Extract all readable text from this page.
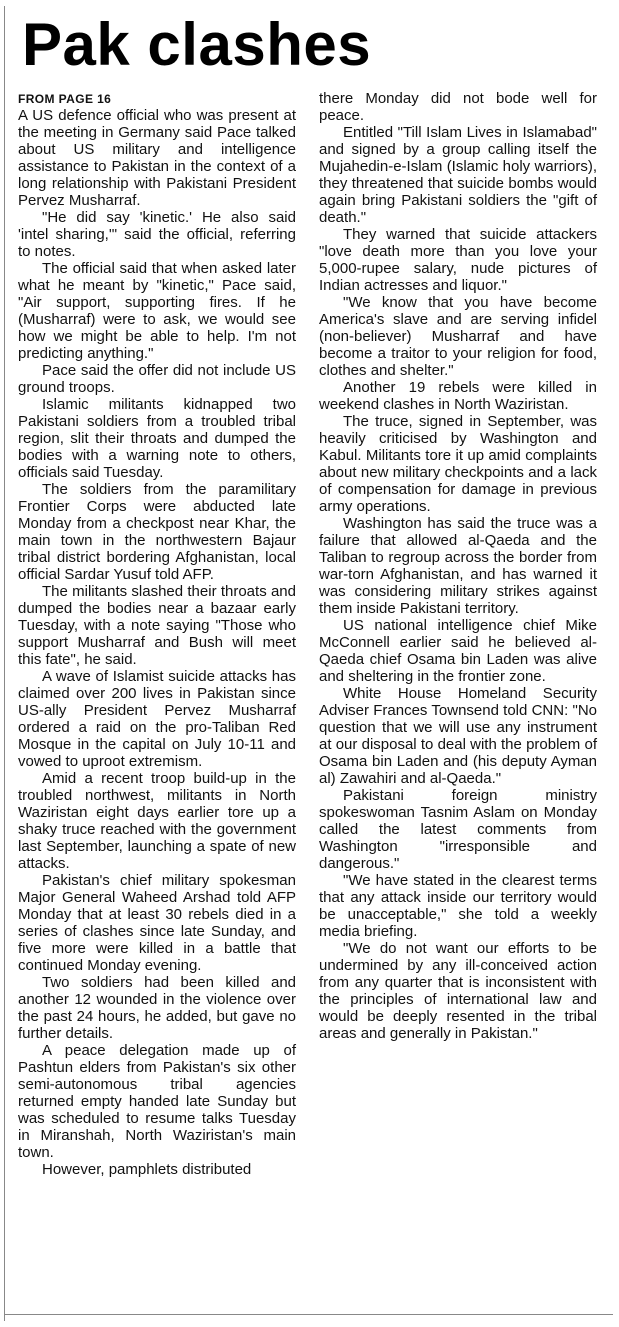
Pak clashes
FROM PAGE 16

A US defence official who was present at the meeting in Germany said Pace talked about US military and intelligence assistance to Pakistan in the context of a long relationship with Pakistani President Pervez Musharraf.

"He did say 'kinetic.' He also said 'intel sharing,'" said the official, referring to notes.

The official said that when asked later what he meant by "kinetic," Pace said, "Air support, supporting fires. If he (Musharraf) were to ask, we would see how we might be able to help. I'm not predicting anything."

Pace said the offer did not include US ground troops.

Islamic militants kidnapped two Pakistani soldiers from a troubled tribal region, slit their throats and dumped the bodies with a warning note to others, officials said Tuesday.

The soldiers from the paramilitary Frontier Corps were abducted late Monday from a checkpost near Khar, the main town in the northwestern Bajaur tribal district bordering Afghanistan, local official Sardar Yusuf told AFP.

The militants slashed their throats and dumped the bodies near a bazaar early Tuesday, with a note saying "Those who support Musharraf and Bush will meet this fate", he said.

A wave of Islamist suicide attacks has claimed over 200 lives in Pakistan since US-ally President Pervez Musharraf ordered a raid on the pro-Taliban Red Mosque in the capital on July 10-11 and vowed to uproot extremism.

Amid a recent troop build-up in the troubled northwest, militants in North Waziristan eight days earlier tore up a shaky truce reached with the government last September, launching a spate of new attacks.

Pakistan's chief military spokesman Major General Waheed Arshad told AFP Monday that at least 30 rebels died in a series of clashes since late Sunday, and five more were killed in a battle that continued Monday evening.

Two soldiers had been killed and another 12 wounded in the violence over the past 24 hours, he added, but gave no further details.

A peace delegation made up of Pashtun elders from Pakistan's six other semi-autonomous tribal agencies returned empty handed late Sunday but was scheduled to resume talks Tuesday in Miranshah, North Waziristan's main town.

However, pamphlets distributed

there Monday did not bode well for peace.

Entitled "Till Islam Lives in Islamabad" and signed by a group calling itself the Mujahedin-e-Islam (Islamic holy warriors), they threatened that suicide bombs would again bring Pakistani soldiers the "gift of death."

They warned that suicide attackers "love death more than you love your 5,000-rupee salary, nude pictures of Indian actresses and liquor."

"We know that you have become America's slave and are serving infidel (non-believer) Musharraf and have become a traitor to your religion for food, clothes and shelter."

Another 19 rebels were killed in weekend clashes in North Waziristan.

The truce, signed in September, was heavily criticised by Washington and Kabul. Militants tore it up amid complaints about new military checkpoints and a lack of compensation for damage in previous army operations.

Washington has said the truce was a failure that allowed al-Qaeda and the Taliban to regroup across the border from war-torn Afghanistan, and has warned it was considering military strikes against them inside Pakistani territory.

US national intelligence chief Mike McConnell earlier said he believed al-Qaeda chief Osama bin Laden was alive and sheltering in the frontier zone.

White House Homeland Security Adviser Frances Townsend told CNN: "No question that we will use any instrument at our disposal to deal with the problem of Osama bin Laden and (his deputy Ayman al) Zawahiri and al-Qaeda."

Pakistani foreign ministry spokeswoman Tasnim Aslam on Monday called the latest comments from Washington "irresponsible and dangerous."

"We have stated in the clearest terms that any attack inside our territory would be unacceptable," she told a weekly media briefing.

"We do not want our efforts to be undermined by any ill-conceived action from any quarter that is inconsistent with the principles of international law and would be deeply resented in the tribal areas and generally in Pakistan."
